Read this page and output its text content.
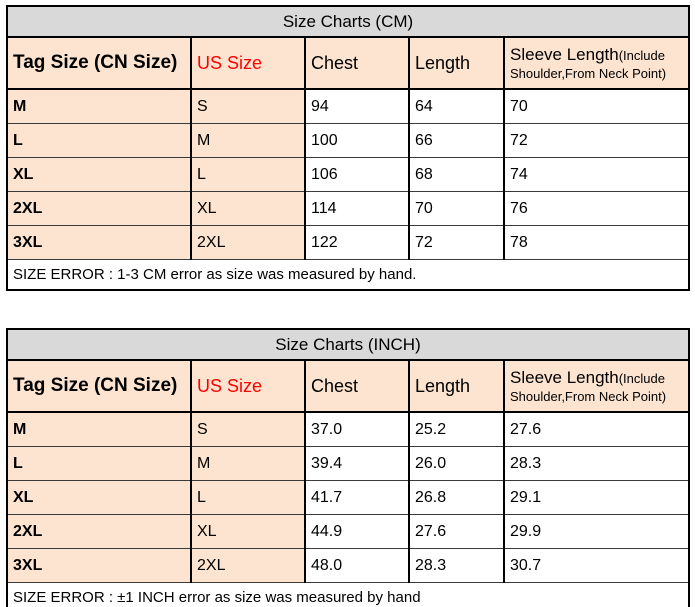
Size Charts (CM)				
Tag Size (CN Size)	US Size	Chest	Length	Sleeve Length(Include Shoulder,From Neck Point)
M	S	94	64	70
L	M	100	66	72
XL	L	106	68	74
2XL	XL	114	70	76
3XL	2XL	122	72	78
SIZE ERROR : 1-3 CM error as size was measured by hand.				
Size Charts (INCH)				
Tag Size (CN Size)	US Size	Chest	Length	Sleeve Length(Include Shoulder,From Neck Point)
M	S	37.0	25.2	27.6
L	M	39.4	26.0	28.3
XL	L	41.7	26.8	29.1
2XL	XL	44.9	27.6	29.9
3XL	2XL	48.0	28.3	30.7
SIZE ERROR : ±1 INCH error as size was measured by hand				
